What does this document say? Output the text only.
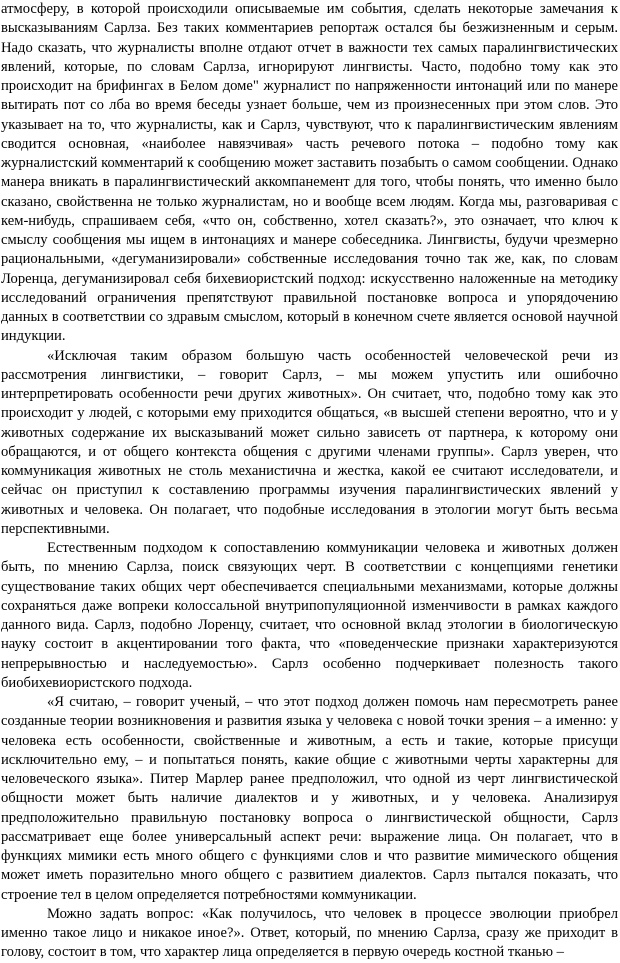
атмосферу, в которой происходили описываемые им события, сделать некоторые замечания к высказываниям Сарлза. Без таких комментариев репортаж остался бы безжизненным и серым. Надо сказать, что журналисты вполне отдают отчет в важности тех самых паралингвистических явлений, которые, по словам Сарлза, игнорируют лингвисты. Часто, подобно тому как это происходит на брифингах в Белом доме" журналист по напряженности интонаций или по манере вытирать пот со лба во время беседы узнает больше, чем из произнесенных при этом слов. Это указывает на то, что журналисты, как и Сарлз, чувствуют, что к паралингвистическим явлениям сводится основная, «наиболее навязчивая» часть речевого потока – подобно тому как журналистский комментарий к сообщению может заставить позабыть о самом сообщении. Однако манера вникать в паралингвистический аккомпанемент для того, чтобы понять, что именно было сказано, свойственна не только журналистам, но и вообще всем людям. Когда мы, разговаривая с кем-нибудь, спрашиваем себя, «что он, собственно, хотел сказать?», это означает, что ключ к смыслу сообщения мы ищем в интонациях и манере собеседника. Лингвисты, будучи чрезмерно рациональными, «дегуманизировали» собственные исследования точно так же, как, по словам Лоренца, дегуманизировал себя бихевиористский подход: искусственно наложенные на методику исследований ограничения препятствуют правильной постановке вопроса и упорядочению данных в соответствии со здравым смыслом, который в конечном счете является основой научной индукции.

«Исключая таким образом большую часть особенностей человеческой речи из рассмотрения лингвистики, – говорит Сарлз, – мы можем упустить или ошибочно интерпретировать особенности речи других животных». Он считает, что, подобно тому как это происходит у людей, с которыми ему приходится общаться, «в высшей степени вероятно, что и у животных содержание их высказываний может сильно зависеть от партнера, к которому они обращаются, и от общего контекста общения с другими членами группы». Сарлз уверен, что коммуникация животных не столь механистична и жестка, какой ее считают исследователи, и сейчас он приступил к составлению программы изучения паралингвистических явлений у животных и человека. Он полагает, что подобные исследования в этологии могут быть весьма перспективными.

Естественным подходом к сопоставлению коммуникации человека и животных должен быть, по мнению Сарлза, поиск связующих черт. В соответствии с концепциями генетики существование таких общих черт обеспечивается специальными механизмами, которые должны сохраняться даже вопреки колоссальной внутрипопуляционной изменчивости в рамках каждого данного вида. Сарлз, подобно Лоренцу, считает, что основной вклад этологии в биологическую науку состоит в акцентировании того факта, что «поведенческие признаки характеризуются непрерывностью и наследуемостью». Сарлз особенно подчеркивает полезность такого биобихевиористского подхода.

«Я считаю, – говорит ученый, – что этот подход должен помочь нам пересмотреть ранее созданные теории возникновения и развития языка у человека с новой точки зрения – а именно: у человека есть особенности, свойственные и животным, а есть и такие, которые присущи исключительно ему, – и попытаться понять, какие общие с животными черты характерны для человеческого языка». Питер Марлер ранее предположил, что одной из черт лингвистической общности может быть наличие диалектов и у животных, и у человека. Анализируя предположительно правильную постановку вопроса о лингвистической общности, Сарлз рассматривает еще более универсальный аспект речи: выражение лица. Он полагает, что в функциях мимики есть много общего с функциями слов и что развитие мимического общения может иметь поразительно много общего с развитием диалектов. Сарлз пытался показать, что строение тел в целом определяется потребностями коммуникации.

Можно задать вопрос: «Как получилось, что человек в процессе эволюции приобрел именно такое лицо и никакое иное?». Ответ, который, по мнению Сарлза, сразу же приходит в голову, состоит в том, что характер лица определяется в первую очередь костной тканью –
